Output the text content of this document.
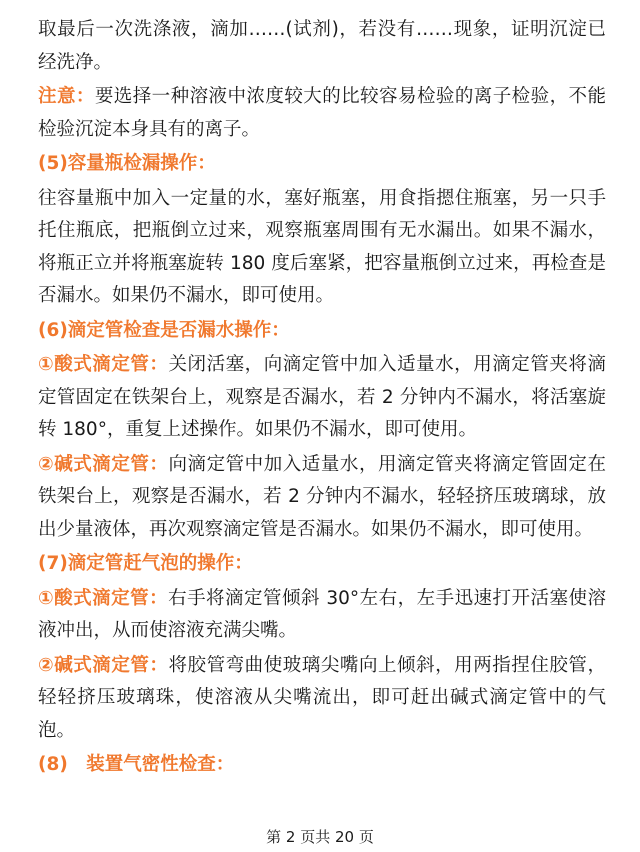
取最后一次洗涤液，滴加……(试剂)，若没有……现象，证明沉淀已经洗净。

注意：要选择一种溶液中浓度较大的比较容易检验的离子检验，不能检验沉淀本身具有的离子。

(5)容量瓶检漏操作：

往容量瓶中加入一定量的水，塞好瓶塞，用食指摁住瓶塞，另一只手托住瓶底，把瓶倒立过来，观察瓶塞周围有无水漏出。如果不漏水，将瓶正立并将瓶塞旋转 180 度后塞紧，把容量瓶倒立过来，再检查是否漏水。如果仍不漏水，即可使用。

(6)滴定管检查是否漏水操作：

①酸式滴定管：关闭活塞，向滴定管中加入适量水，用滴定管夹将滴定管固定在铁架台上，观察是否漏水，若 2 分钟内不漏水，将活塞旋转 180°，重复上述操作。如果仍不漏水，即可使用。

②碱式滴定管：向滴定管中加入适量水，用滴定管夹将滴定管固定在铁架台上，观察是否漏水，若 2 分钟内不漏水，轻轻挤压玻璃球，放出少量液体，再次观察滴定管是否漏水。如果仍不漏水，即可使用。

(7)滴定管赶气泡的操作：

①酸式滴定管：右手将滴定管倾斜 30°左右，左手迅速打开活塞使溶液冲出，从而使溶液充满尖嘴。

②碱式滴定管：将胶管弯曲使玻璃尖嘴向上倾斜，用两指捏住胶管，轻轻挤压玻璃珠，使溶液从尖嘴流出，即可赶出碱式滴定管中的气泡。

(8)　装置气密性检查：

第 2 页共 20 页
